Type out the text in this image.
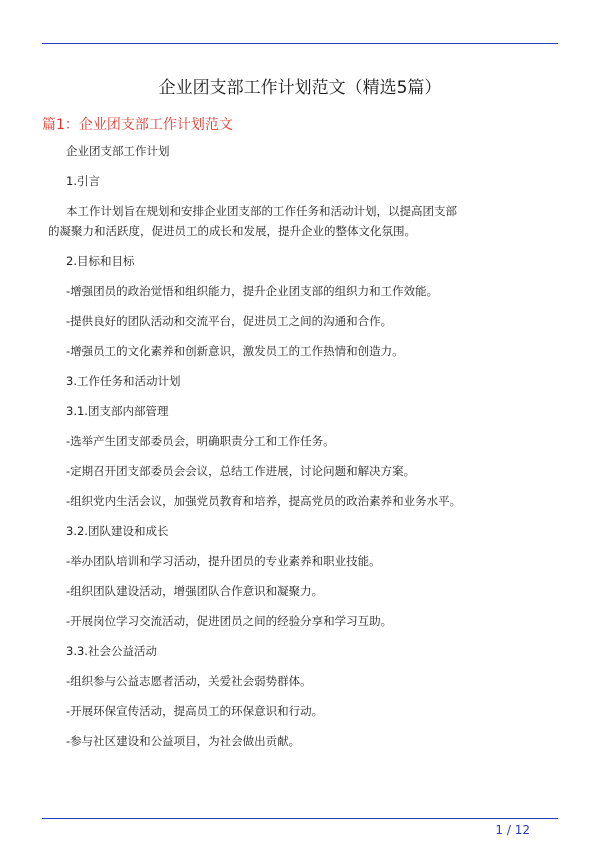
企业团支部工作计划范文（精选5篇）
篇1：企业团支部工作计划范文

企业团支部工作计划

1.引言

本工作计划旨在规划和安排企业团支部的工作任务和活动计划，以提高团支部的凝聚力和活跃度，促进员工的成长和发展，提升企业的整体文化氛围。

2.目标和目标

-增强团员的政治觉悟和组织能力，提升企业团支部的组织力和工作效能。

-提供良好的团队活动和交流平台，促进员工之间的沟通和合作。

-增强员工的文化素养和创新意识，激发员工的工作热情和创造力。

3.工作任务和活动计划

3.1.团支部内部管理

-选举产生团支部委员会，明确职责分工和工作任务。

-定期召开团支部委员会会议，总结工作进展，讨论问题和解决方案。

-组织党内生活会议，加强党员教育和培养，提高党员的政治素养和业务水平。

3.2.团队建设和成长

-举办团队培训和学习活动，提升团员的专业素养和职业技能。

-组织团队建设活动，增强团队合作意识和凝聚力。

-开展岗位学习交流活动，促进团员之间的经验分享和学习互助。

3.3.社会公益活动

-组织参与公益志愿者活动，关爱社会弱势群体。

-开展环保宣传活动，提高员工的环保意识和行动。

-参与社区建设和公益项目，为社会做出贡献。

1 / 12
